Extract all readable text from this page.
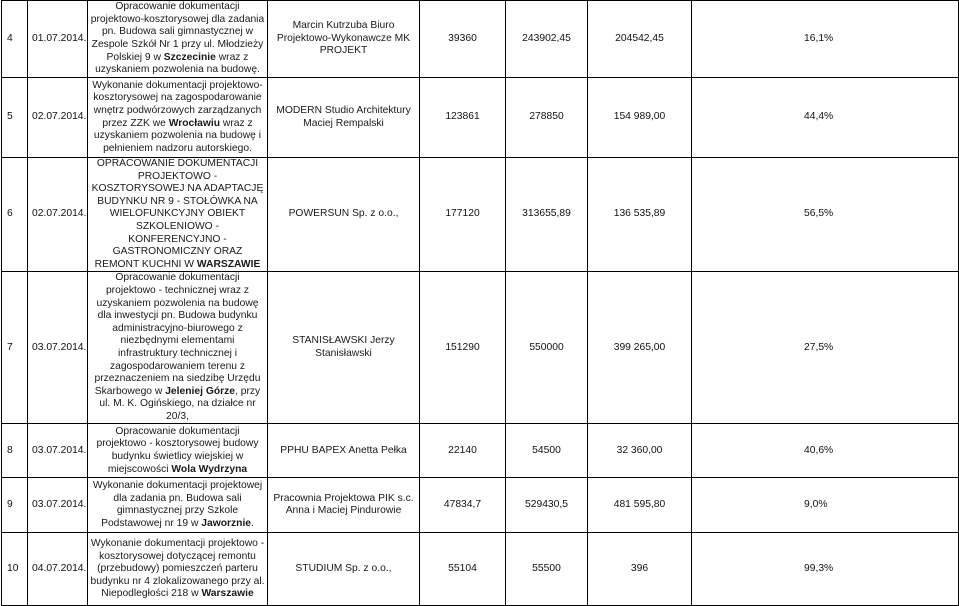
4	01.07.2014.	Opracowanie dokumentacji projektowo-kosztorysowej dla zadania pn. Budowa sali gimnastycznej w Zespole Szkół Nr 1 przy ul. Młodzieży Polskiej 9 w Szczecinie wraz z uzyskaniem pozwolenia na budowę.	Marcin Kutrzuba Biuro Projektowo-Wykonawcze MK PROJEKT	39360	243902,45	204542,45	16,1%
5	02.07.2014.	Wykonanie dokumentacji projektowo-kosztorysowej na zagospodarowanie wnętrz podwórzowych zarządzanych przez ZZK we Wrocławiu wraz z uzyskaniem pozwolenia na budowę i pełnieniem nadzoru autorskiego.	MODERN Studio Architektury Maciej Rempalski	123861	278850	154 989,00	44,4%
6	02.07.2014.	OPRACOWANIE DOKUMENTACJI PROJEKTOWO - KOSZTORYSOWEJ NA ADAPTACJĘ BUDYNKU NR 9 - STOŁÓWKA NA WIELOFUNKCYJNY OBIEKT SZKOLENIOWO - KONFERENCYJNO - GASTRONOMICZNY ORAZ REMONT KUCHNI W WARSZAWIE	POWERSUN Sp. z o.o.,	177120	313655,89	136 535,89	56,5%
7	03.07.2014.	Opracowanie dokumentacji projektowo - technicznej wraz z uzyskaniem pozwolenia na budowę dla inwestycji pn. Budowa budynku administracyjno-biurowego z niezbędnymi elementami infrastruktury technicznej i zagospodarowaniem terenu z przeznaczeniem na siedzibę Urzędu Skarbowego w Jeleniej Górze, przy ul. M. K. Ogińskiego, na działce nr 20/3,	STANISŁAWSKI Jerzy Stanisławski	151290	550000	399 265,00	27,5%
8	03.07.2014.	Opracowanie dokumentacji projektowo - kosztorysowej budowy budynku świetlicy wiejskiej w miejscowości Wola Wydrzyna	PPHU BAPEX Anetta Pełka	22140	54500	32 360,00	40,6%
9	03.07.2014.	Wykonanie dokumentacji projektowej dla zadania pn. Budowa sali gimnastycznej przy Szkole Podstawowej nr 19 w Jaworznie.	Pracownia Projektowa PIK s.c. Anna i Maciej Pindurowie	47834,7	529430,5	481 595,80	9,0%
10	04.07.2014.	Wykonanie dokumentacji projektowo - kosztorysowej dotyczącej remontu (przebudowy) pomieszczeń parteru budynku nr 4 zlokalizowanego przy al. Niepodległości 218 w Warszawie	STUDIUM Sp. z o.o.,	55104	55500	396	99,3%
